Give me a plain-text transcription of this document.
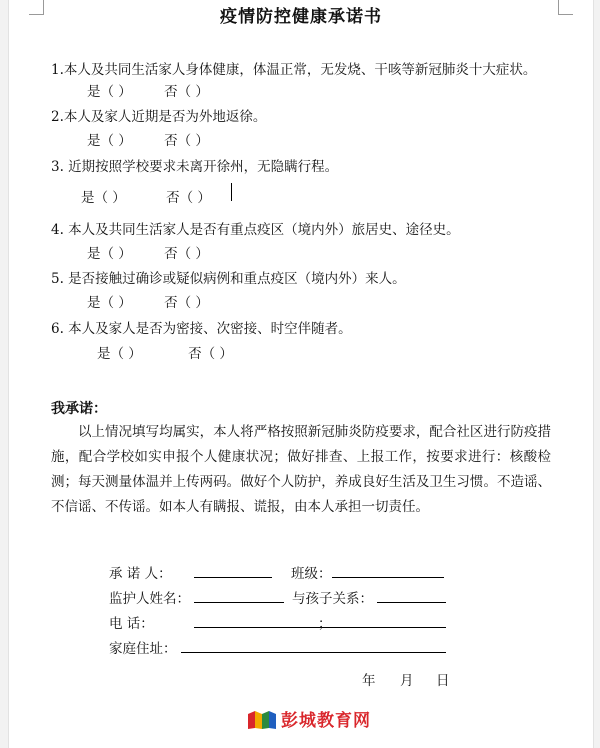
疫情防控健康承诺书
1.本人及共同生活家人身体健康，体温正常，无发烧、干咳等新冠肺炎十大症状。
是（ ） 否（ ）
2.本人及家人近期是否为外地返徐。
是（ ） 否（ ）
3. 近期按照学校要求未离开徐州，无隐瞒行程。
是（ ）	否（ ）
4. 本人及共同生活家人是否有重点疫区（境内外）旅居史、途径史。
是（ ） 否（ ）
5. 是否接触过确诊或疑似病例和重点疫区（境内外）来人。
是（ ） 否（ ）
6. 本人及家人是否为密接、次密接、时空伴随者。
是（ ）	否（ ）
我承诺：
以上情况填写均属实，本人将严格按照新冠肺炎防疫要求，配合社区进行防疫措施，配合学校如实申报个人健康状况；做好排查、上报工作，按要求进行：核酸检测；每天测量体温并上传两码。做好个人防护，养成良好生活及卫生习惯。不造谣、不信谣、不传谣。如本人有瞒报、谎报，由本人承担一切责任。
承 诺 人：	班级：
监护人姓名：	与孩子关系：
电 话：	；
家庭住址：
年 月 日
彭城教育网
